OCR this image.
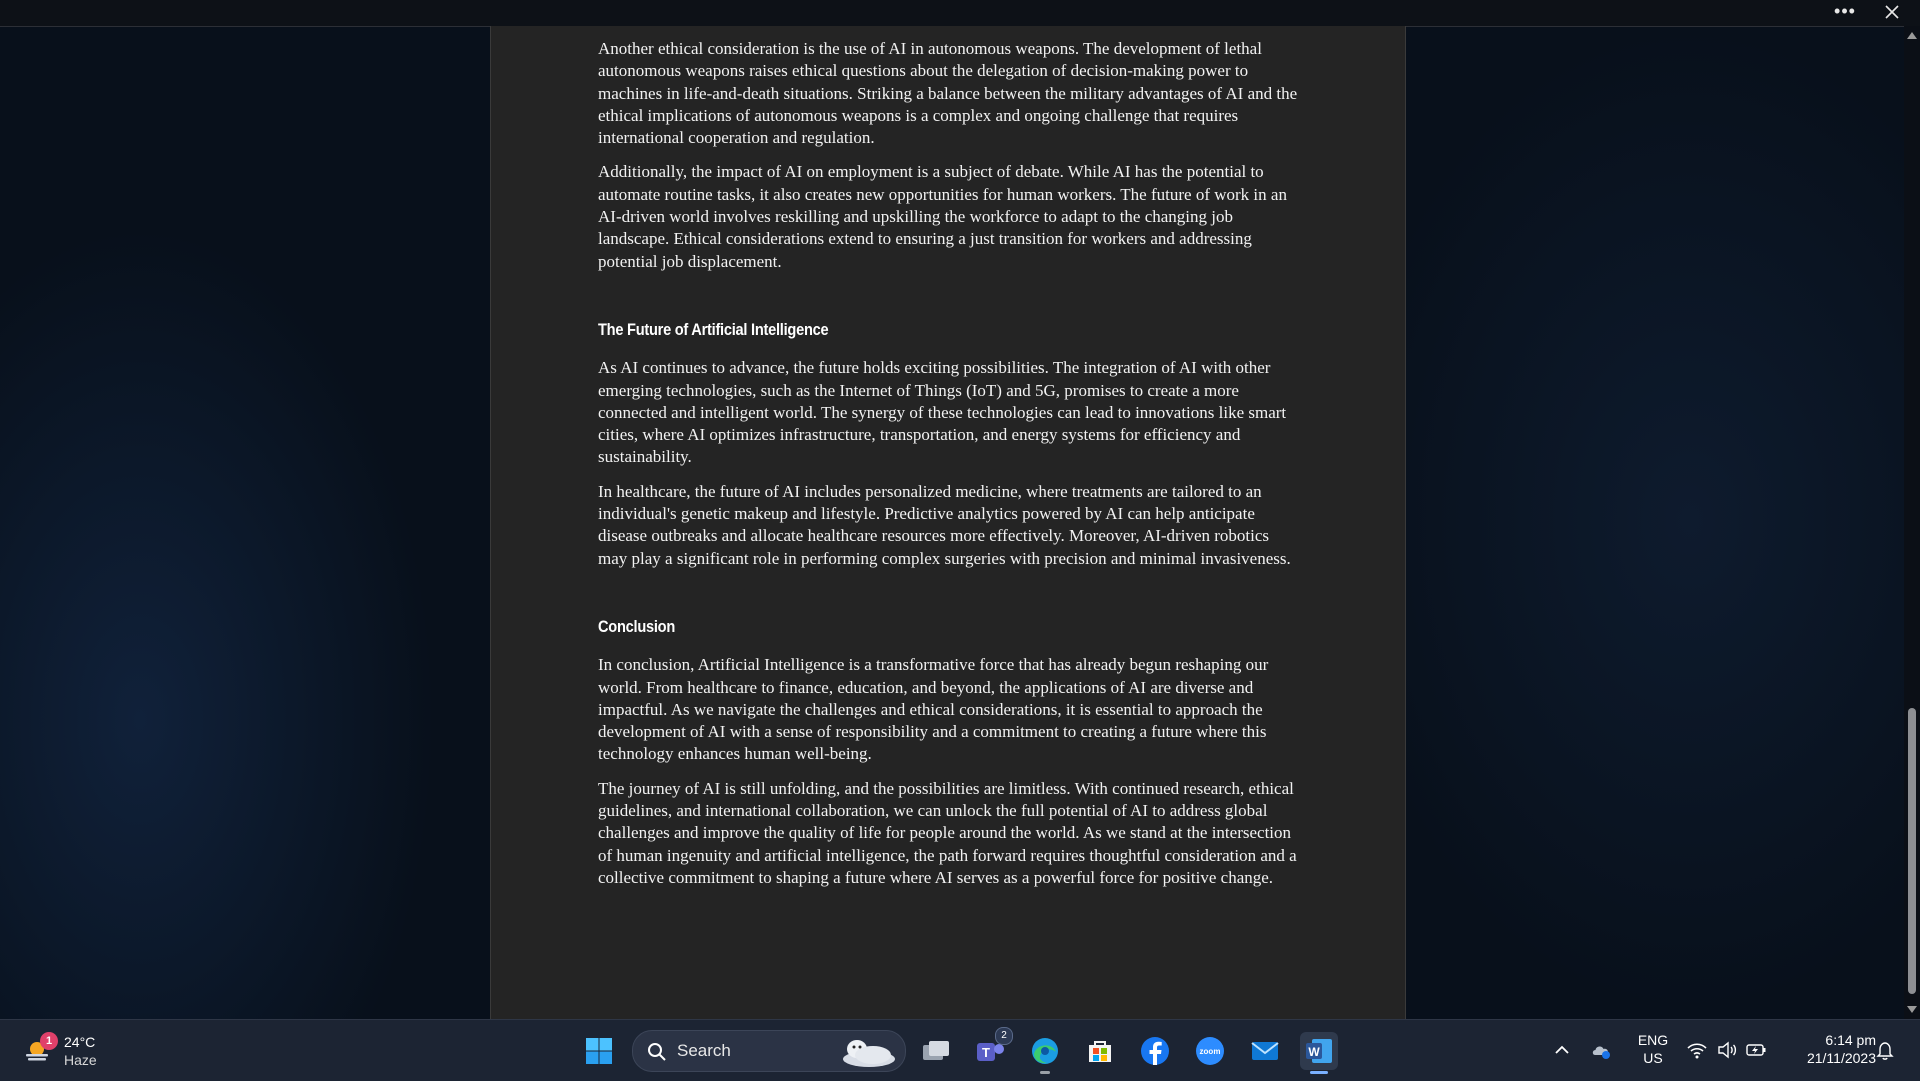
•••

Another ethical consideration is the use of AI in autonomous weapons. The development of lethal autonomous weapons raises ethical questions about the delegation of decision-making power to machines in life-and-death situations. Striking a balance between the military advantages of AI and the ethical implications of autonomous weapons is a complex and ongoing challenge that requires international cooperation and regulation.

Additionally, the impact of AI on employment is a subject of debate. While AI has the potential to automate routine tasks, it also creates new opportunities for human workers. The future of work in an AI-driven world involves reskilling and upskilling the workforce to adapt to the changing job landscape. Ethical considerations extend to ensuring a just transition for workers and addressing potential job displacement.

The Future of Artificial Intelligence

As AI continues to advance, the future holds exciting possibilities. The integration of AI with other emerging technologies, such as the Internet of Things (IoT) and 5G, promises to create a more connected and intelligent world. The synergy of these technologies can lead to innovations like smart cities, where AI optimizes infrastructure, transportation, and energy systems for efficiency and sustainability.

In healthcare, the future of AI includes personalized medicine, where treatments are tailored to an individual's genetic makeup and lifestyle. Predictive analytics powered by AI can help anticipate disease outbreaks and allocate healthcare resources more effectively. Moreover, AI-driven robotics may play a significant role in performing complex surgeries with precision and minimal invasiveness.

Conclusion

In conclusion, Artificial Intelligence is a transformative force that has already begun reshaping our world. From healthcare to finance, education, and beyond, the applications of AI are diverse and impactful. As we navigate the challenges and ethical considerations, it is essential to approach the development of AI with a sense of responsibility and a commitment to creating a future where this technology enhances human well-being.

The journey of AI is still unfolding, and the possibilities are limitless. With continued research, ethical guidelines, and international collaboration, we can unlock the full potential of AI to address global challenges and improve the quality of life for people around the world. As we stand at the intersection of human ingenuity and artificial intelligence, the path forward requires thoughtful consideration and a collective commitment to shaping a future where AI serves as a powerful force for positive change.

1 24°C
Haze	Search	T
2
zoom	W
ENG
US
6:14 pm
21/11/2023
